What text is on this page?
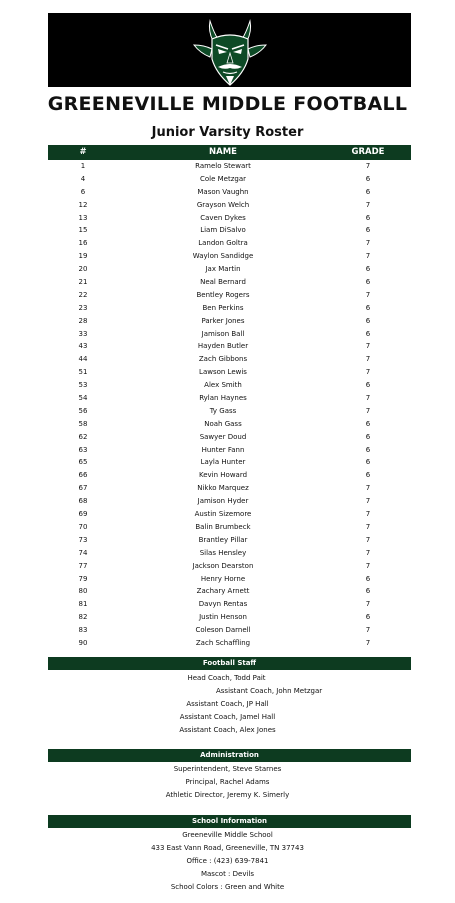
GREENEVILLE MIDDLE FOOTBALL
Junior Varsity Roster
#	NAME	GRADE
1	Ramelo Stewart	7
4	Cole Metzgar	6
6	Mason Vaughn	6
12	Grayson Welch	7
13	Caven Dykes	6
15	Liam DiSalvo	6
16	Landon Goltra	7
19	Waylon Sandidge	7
20	Jax Martin	6
21	Neal Bernard	6
22	Bentley Rogers	7
23	Ben Perkins	6
28	Parker Jones	6
33	Jamison Ball	6
43	Hayden Butler	7
44	Zach Gibbons	7
51	Lawson Lewis	7
53	Alex Smith	6
54	Rylan Haynes	7
56	Ty Gass	7
58	Noah Gass	6
62	Sawyer Doud	6
63	Hunter Fann	6
65	Layla Hunter	6
66	Kevin Howard	6
67	Nikko Marquez	7
68	Jamison Hyder	7
69	Austin Sizemore	7
70	Balin Brumbeck	7
73	Brantley Pillar	7
74	Silas Hensley	7
77	Jackson Dearston	7
79	Henry Horne	6
80	Zachary Arnett	6
81	Davyn Rentas	7
82	Justin Henson	6
83	Coleson Darnell	7
90	Zach Schaffling	7
Football Staff
Head Coach, Todd Pait
Assistant Coach, John Metzgar
Assistant Coach, JP Hall
Assistant Coach, Jamel Hall
Assistant Coach, Alex Jones
Administration
Superintendent, Steve Starnes
Principal, Rachel Adams
Athletic Director, Jeremy K. Simerly
School Information
Greeneville Middle School
433 East Vann Road, Greeneville, TN 37743
Office : (423) 639-7841
Mascot : Devils
School Colors : Green and White
